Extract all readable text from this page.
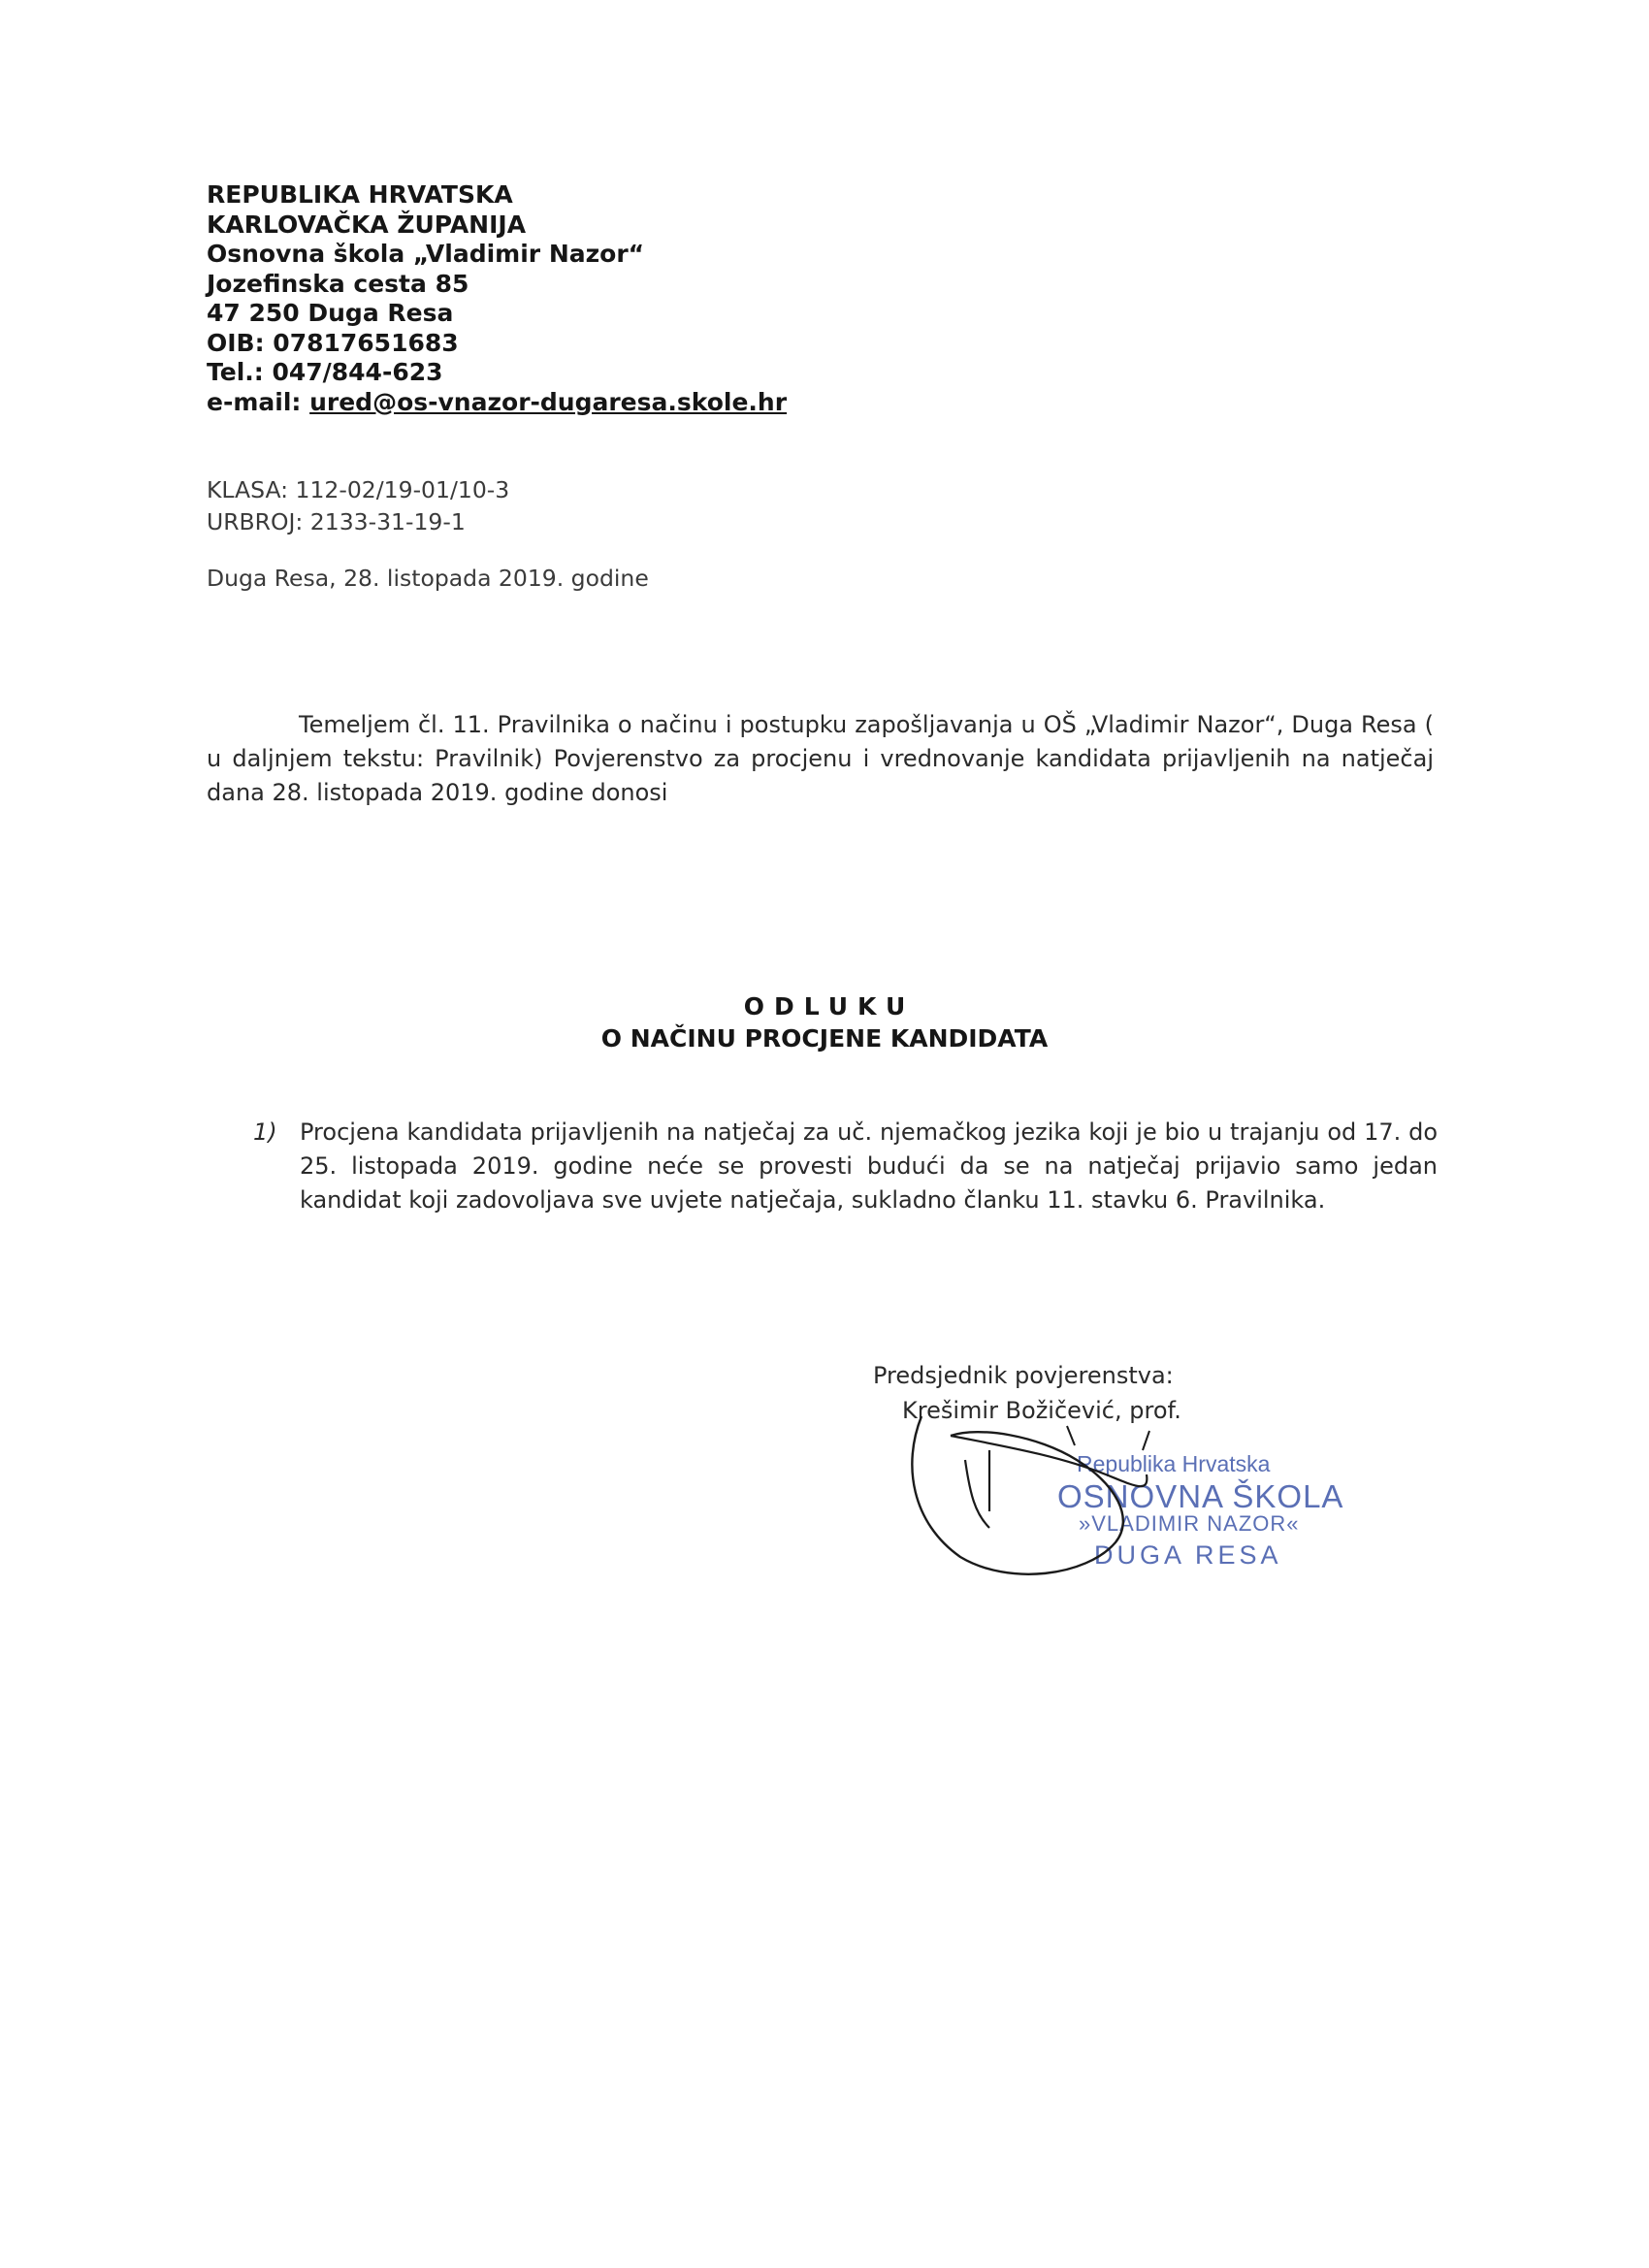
REPUBLIKA HRVATSKA
KARLOVAČKA ŽUPANIJA
Osnovna škola „Vladimir Nazor“
Jozefinska cesta 85
47 250 Duga Resa
OIB: 07817651683
Tel.: 047/844-623
e-mail: ured@os-vnazor-dugaresa.skole.hr
KLASA: 112-02/19-01/10-3
URBROJ: 2133-31-19-1
Duga Resa, 28. listopada 2019. godine
Temeljem čl. 11. Pravilnika o načinu i postupku zapošljavanja u OŠ „Vladimir Nazor“, Duga Resa ( u daljnjem tekstu: Pravilnik) Povjerenstvo za procjenu i vrednovanje kandidata prijavljenih na natječaj dana 28. listopada 2019. godine donosi
ODLUKU
O NAČINU PROCJENE KANDIDATA
1) Procjena kandidata prijavljenih na natječaj za uč. njemačkog jezika koji je bio u trajanju od 17. do 25. listopada 2019. godine neće se provesti budući da se na natječaj prijavio samo jedan kandidat koji zadovoljava sve uvjete natječaja, sukladno članku 11. stavku 6. Pravilnika.
Predsjednik povjerenstva:
Krešimir Božičević, prof.
Republika Hrvatska
OSNOVNA ŠKOLA
»VLADIMIR NAZOR«
DUGA RESA
